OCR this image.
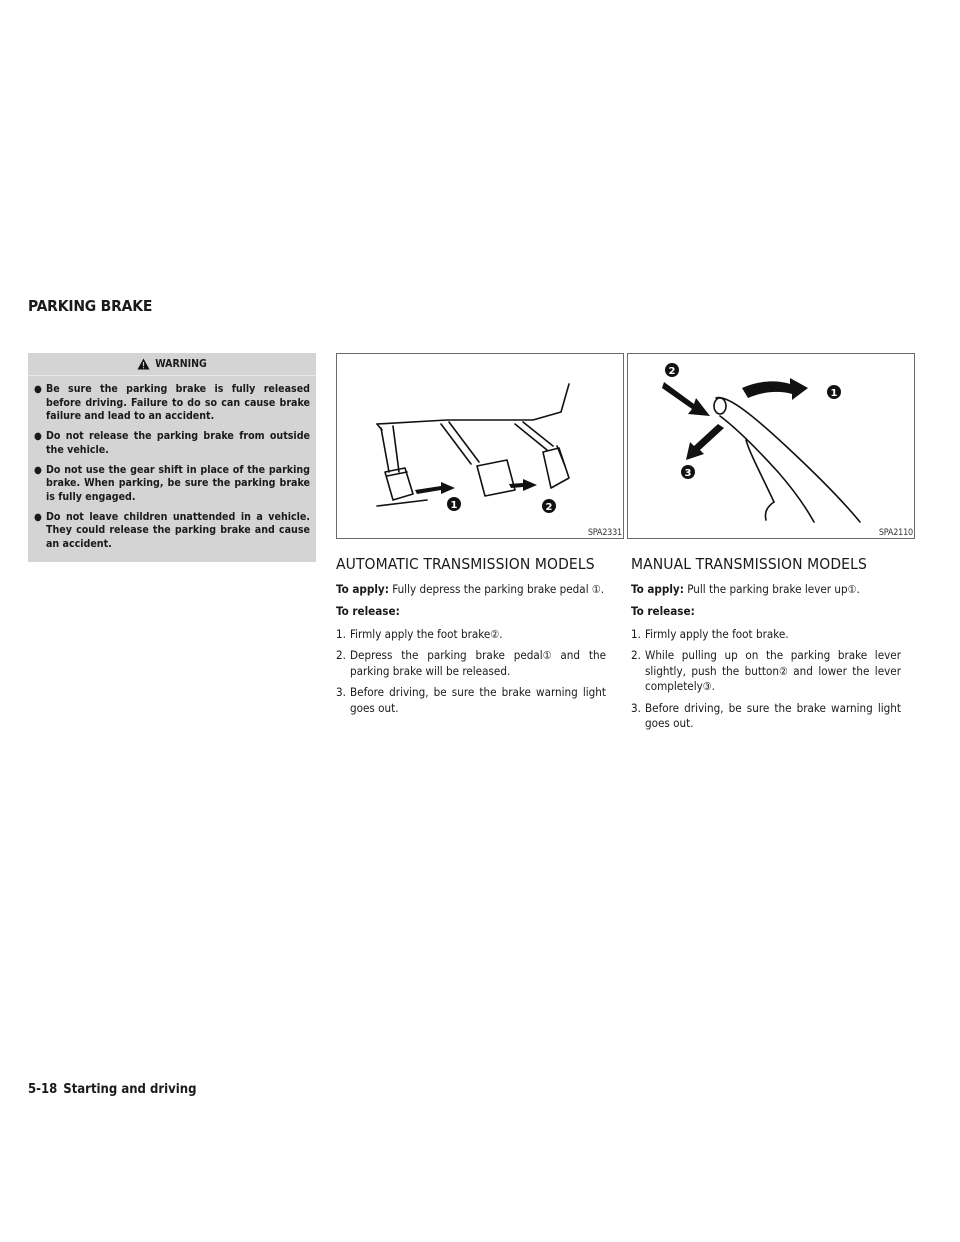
PARKING BRAKE
WARNING
● Be sure the parking brake is fully released before driving. Failure to do so can cause brake failure and lead to an accident.
● Do not release the parking brake from outside the vehicle.
● Do not use the gear shift in place of the parking brake. When parking, be sure the parking brake is fully engaged.
● Do not leave children unattended in a vehicle. They could release the parking brake and cause an accident.
1	2
SPA2331
1
2
3
SPA2110
AUTOMATIC TRANSMISSION MODELS

To apply: Fully depress the parking brake pedal ①.

To release:

1. Firmly apply the foot brake②.
2. Depress the parking brake pedal① and the parking brake will be released.
3. Before driving, be sure the brake warning light goes out.
MANUAL TRANSMISSION MODELS

To apply: Pull the parking brake lever up①.

To release:

1. Firmly apply the foot brake.
2. While pulling up on the parking brake lever slightly, push the button② and lower the lever completely③.
3. Before driving, be sure the brake warning light goes out.
5-18 Starting and driving
